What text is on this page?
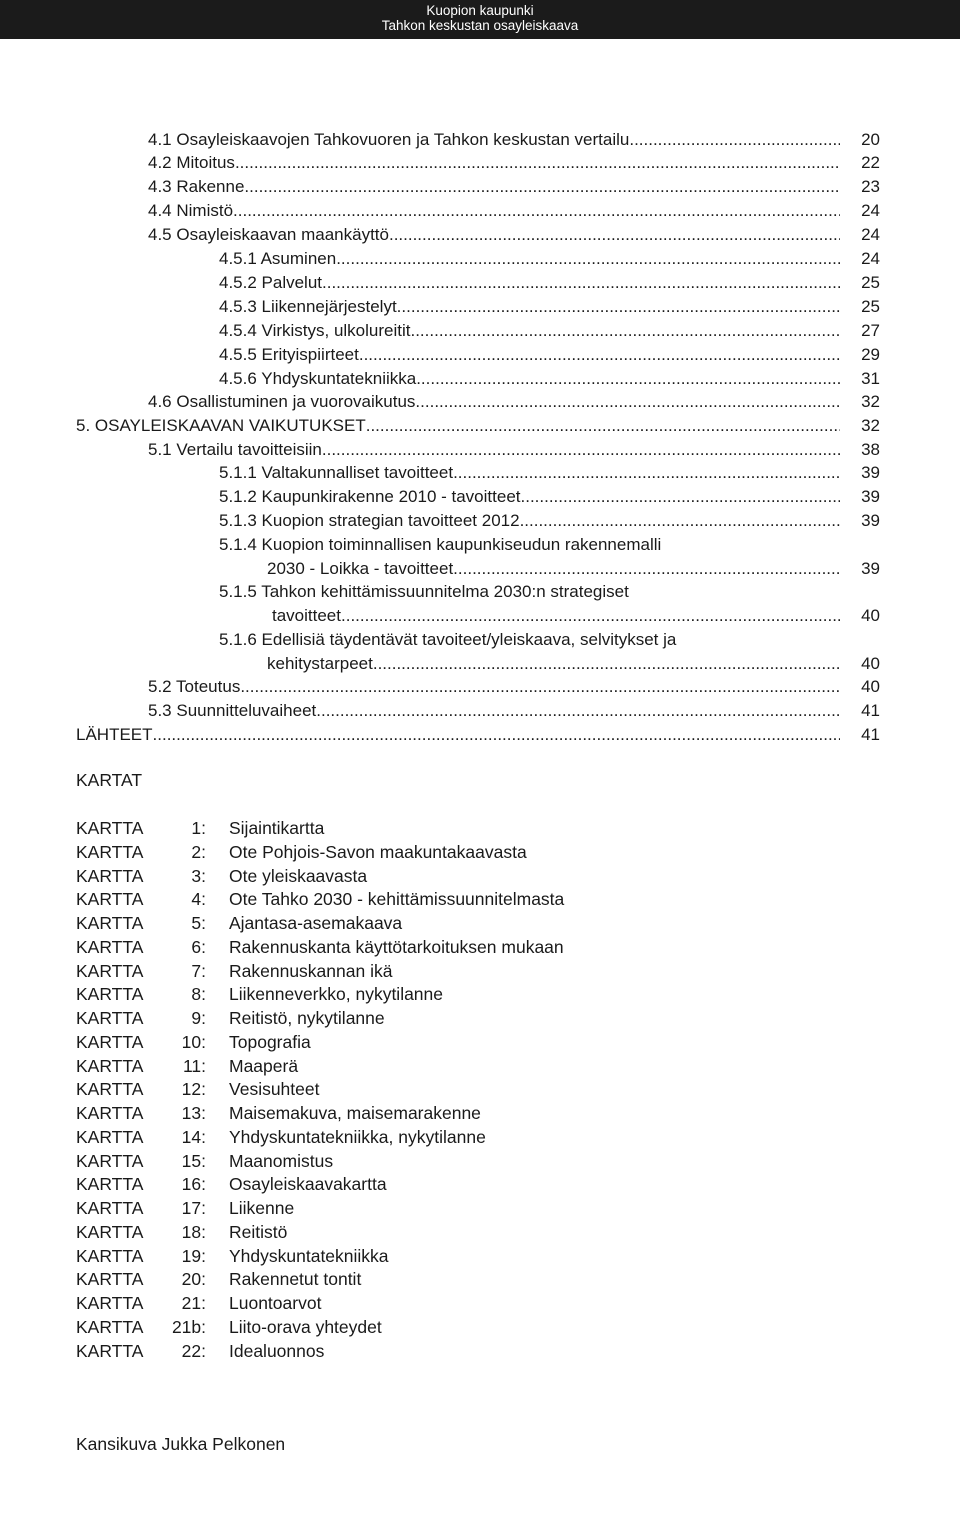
Kuopion kaupunki
Tahkon keskustan osayleiskaava
4.1 Osayleiskaavojen Tahkovuoren ja Tahkon keskustan vertailu .....	20
4.2 Mitoitus .....	22
4.3 Rakenne .....	23
4.4 Nimistö .....	24
4.5 Osayleiskaavan maankäyttö .....	24
4.5.1 Asuminen .....	24
4.5.2 Palvelut .....	25
4.5.3 Liikennejärjestelyt .....	25
4.5.4 Virkistys, ulkolureitit .....	27
4.5.5 Erityispiirteet .....	29
4.5.6 Yhdyskuntatekniikka .....	31
4.6 Osallistuminen ja vuorovaikutus .....	32
5. OSAYLEISKAAVAN VAIKUTUKSET .....	32
5.1 Vertailu tavoitteisiin .....	38
5.1.1 Valtakunnalliset tavoitteet .....	39
5.1.2 Kaupunkirakenne 2010 - tavoitteet .....	39
5.1.3 Kuopion strategian tavoitteet 2012 .....	39
5.1.4 Kuopion toiminnallisen kaupunkiseudun rakennemalli
2030 - Loikka - tavoitteet .....	39
5.1.5 Tahkon kehittämissuunnitelma 2030:n strategiset
tavoitteet .....	40
5.1.6 Edellisiä täydentävät tavoiteet/yleiskaava, selvitykset ja
kehitystarpeet .....	40
5.2 Toteutus .....	40
5.3 Suunnitteluvaiheet .....	41
LÄHTEET .....	41
KARTAT
KARTTA	1: Sijaintikartta
KARTTA	2: Ote Pohjois-Savon maakuntakaavasta
KARTTA	3: Ote yleiskaavasta
KARTTA	4: Ote Tahko 2030 - kehittämissuunnitelmasta
KARTTA	5: Ajantasa-asemakaava
KARTTA	6: Rakennuskanta käyttötarkoituksen mukaan
KARTTA	7: Rakennuskannan ikä
KARTTA	8: Liikenneverkko, nykytilanne
KARTTA	9: Reitistö, nykytilanne
KARTTA	10: Topografia
KARTTA	11: Maaperä
KARTTA	12: Vesisuhteet
KARTTA	13: Maisemakuva, maisemarakenne
KARTTA	14: Yhdyskuntatekniikka, nykytilanne
KARTTA	15: Maanomistus
KARTTA	16: Osayleiskaavakartta
KARTTA	17: Liikenne
KARTTA	18: Reitistö
KARTTA	19: Yhdyskuntatekniikka
KARTTA	20: Rakennetut tontit
KARTTA	21: Luontoarvot
KARTTA	21b: Liito-orava yhteydet
KARTTA	22: Idealuonnos
Kansikuva Jukka Pelkonen
